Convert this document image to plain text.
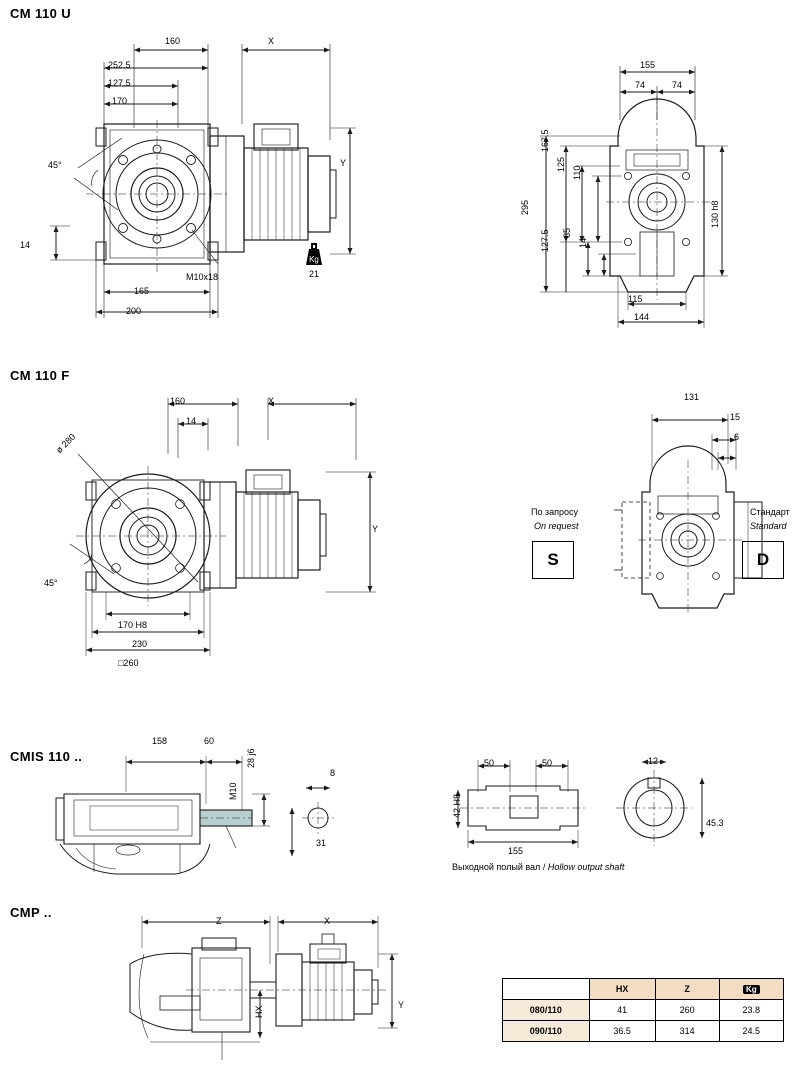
CM 110 U
CM 110 F
CMIS 110 ..
CMP ..
160
252.5
127.5
170
X
Y
45°
14
M10x18
165
200
Kg
21
155
74	74
167.5
125
110
295
127.5 85
14
130 h8
115
144
160	X
14
Y
ø 280
45°
170 H8
230
□260
131
15
6
По запросу
On request
S
Стандарт
Standard
D
158	60
28 j6
8
M10
31
50	50
42 H8
155
12
45.3
Выходной полый вал / Hollow output shaft
Z	X
HX
Y
	HX	Z	Kg
080/110	41	260	23.8
090/110	36.5	314	24.5
